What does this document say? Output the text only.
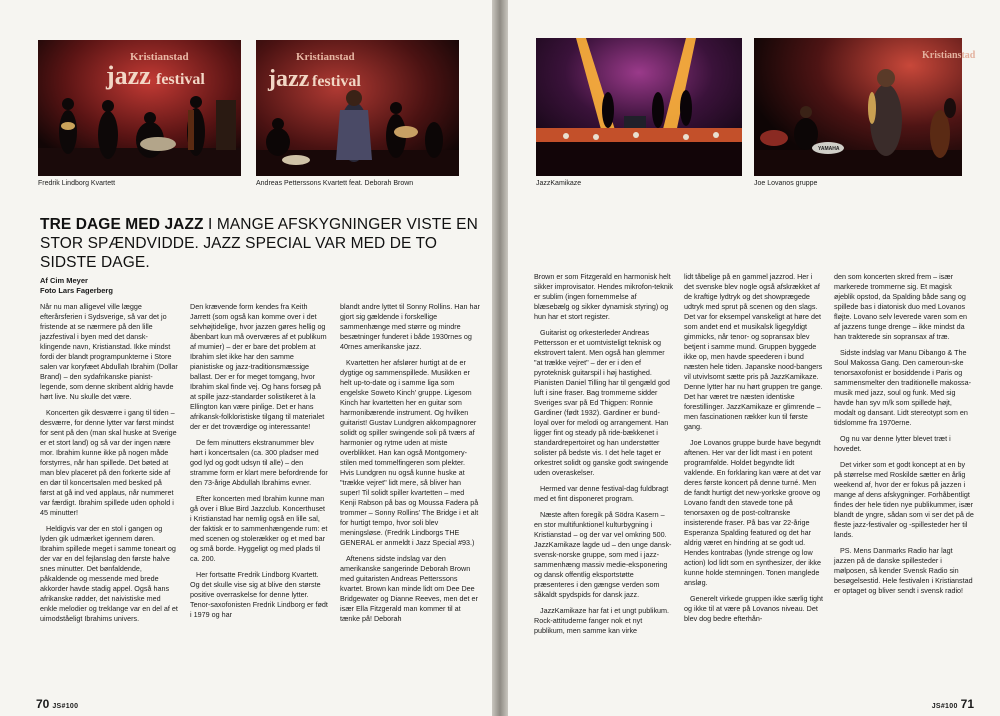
Kristianstad
jazz festival
Fredrik Lindborg Kvartett
Kristianstad
jazz festival
Andreas Petterssons Kvartett feat. Deborah Brown
TRE DAGE MED JAZZ I MANGE AFSKYGNINGER VISTE EN STOR SPÆNDVIDDE. JAZZ SPECIAL VAR MED DE TO SIDSTE DAGE.
Af Cim Meyer
Foto Lars Fagerberg

Når nu man alligevel ville lægge efterårsferien i Sydsverige, så var det jo fristende at se nærmere på den lille jazzfestival i byen med det dansk-klingende navn, Kristianstad. Ikke mindst fordi der blandt programpunkterne i Store salen var koryfæet Abdullah Ibrahim (Dollar Brand) – den sydafrikanske pianist-legende, som denne skribent aldrig havde hørt live. Nu skulle det være.

Koncerten gik desværre i gang til tiden – desværre, for denne lytter var først mindst for sent på den (man skal huske at Sverige er et stort land) og så var der ingen nære mor. Ibrahim kunne ikke på nogen måde forstyrres, når han spillede. Det bøted at man blev placeret på den forkerte side af en dør til koncertsalen med besked på først at gå ind ved applaus, når nummeret var færdigt. Ibrahim spillede uden ophold i 45 minutter!

Heldigvis var der en stol i gangen og lyden gik udmærket igennem døren. Ibrahim spillede meget i samme toneart og der var en del fejlanslag den første halve snes minutter. Det bønfaldende, påkaldende og messende med brede akkorder havde stadig appel. Også hans afrikanske rødder, det naivistiske med enkle melodier og treklange var en del af et uimodståeligt Ibrahims univers.

Den krævende form kendes fra Keith Jarrett (som også kan komme over i det selvhøjtidelige, hvor jazzen gøres hellig og åbenbart kun må overværes af et publikum af mumier) – der er bare det problem at Ibrahim slet ikke har den samme pianistiske og jazz-traditionsmæssige ballast. Der er for meget tomgang, hvor Ibrahim skal finde vej. Og hans forsøg på at spille jazz-standarder solistikeret à la Ellington kan være pinlige. Det er hans afrikansk-folkloristiske tilgang til materialet der er det troværdige og interessante!

De fem minutters ekstranummer blev hørt i koncertsalen (ca. 300 pladser med god lyd og godt udsyn til alle) – den stramme form er klart mere befordrende for den 73-årige Abdullah Ibrahims evner.

Efter koncerten med Ibrahim kunne man gå over i Blue Bird Jazzclub. Koncerthuset i Kristianstad har nemlig også en lille sal, der faktisk er to sammenhængende rum: et med scenen og stolerækker og et med bar og små borde. Hyggeligt og med plads til ca. 200.

Her fortsatte Fredrik Lindborg Kvartett. Og det skulle vise sig at blive den største positive overraskelse for denne lytter. Tenor-saxofonisten Fredrik Lindborg er født i 1979 og har

blandt andre lyttet til Sonny Rollins. Han har gjort sig gældende i forskellige sammenhænge med større og mindre besætninger funderet i både 1930rnes og 40rnes amerikanske jazz.

Kvartetten her afslører hurtigt at de er dygtige og sammenspillede. Musikken er helt up-to-date og i samme liga som engelske Soweto Kinch' gruppe. Ligesom Kinch har kvartetten her en guitar som harmonibærende instrument. Og hvilken guitarist! Gustav Lundgren akkompagnorer solidt og spiller swingende soli på tværs af harmonier og rytme uden at miste overblikket. Han kan også Montgomery-stilen med tommelfingeren som plekter. Hvis Lundgren nu også kunne huske at "trække vejret" lidt mere, så bliver han super! Til solidt spiller kvartetten – med Kenji Rabson på bas og Moussa Fadera på trommer – Sonny Rollins' The Bridge i et alt for hurtigt tempo, hvor soli blev meningsløse. (Fredrik Lindborgs THE GENERAL er anmeldt i Jazz Special #93.)

Aftenens sidste indslag var den amerikanske sangerinde Deborah Brown med guitaristen Andreas Petterssons kvartet. Brown kan minde lidt om Dee Dee Bridgewater og Dianne Reeves, men det er især Ella Fitzgerald man kommer til at tænke på! Deborah

70 JS#100
JazzKamikaze
Kristianstad
YAMAHA
Joe Lovanos gruppe

Brown er som Fitzgerald en harmonisk helt sikker improvisator. Hendes mikrofon-teknik er sublim (ingen fornemmelse af blæsebælg og sikker dynamisk styring) og hun har et stort register.

Guitarist og orkesterleder Andreas Pettersson er et uomtvisteligt teknisk og ekstrovert talent. Men også han glemmer "at trække vejret" – der er i den ef pyroteknisk guitarspil i høj hastighed. Pianisten Daniel Tilling har til gengæld god luft i sine fraser. Bag trommerne sidder Sveriges svar på Ed Thigpen: Ronnie Gardiner (født 1932). Gardiner er bund-loyal over for melodi og arrangement. Han ligger fint og steady på ride-bækkenet i standardrepertoiret og han understøtter solister på bedste vis. I det hele taget er orkestret solidt og ganske godt swingende uden overaskelser.

Hermed var denne festival-dag fuldbragt med et fint disponeret program.

Næste aften foregik på Södra Kasern – en stor multifunktionel kulturbygning i Kristianstad – og der var vel omkring 500. JazzKamikaze lagde ud – den unge dansk-svensk-norske gruppe, som med i jazz-sammenhæng massiv medie-eksponering og dansk offentlig eksportstøtte præsenteres i den gængse verden som såkaldt spydspids for dansk jazz.

JazzKamikaze har fat i et ungt publikum. Rock-attituderne fanger nok et nyt publikum, men samme kan virke

lidt tåbelige på en gammel jazzrod. Her i det svenske blev nogle også afskrækket af de kraftige lydtryk og det showprægede udtryk med sprut på scenen og den slags. Det var for eksempel vanskeligt at høre det som andet end et musikalsk ligegyldigt gimmicks, når tenor- og sopransax blev betjent i samme mund. Gruppen byggede ikke op, men havde speederen i bund næsten hele tiden. Japanske nood-bangers vil utvivlsomt sætte pris på JazzKamikaze. Denne lytter har nu hørt gruppen tre gange. Det har været tre næsten identiske forestillinger. JazzKamikaze er glimrende – men fascinationen rækker kun til første gang.

Joe Lovanos gruppe burde have begyndt aftenen. Her var der lidt mast i en potent programfølde. Holdet begyndte lidt vaklende. En forklaring kan være at det var deres første koncert på denne turné. Men de fandt hurtigt det new-yorkske groove og Lovano fandt den stavede tone på tenorsaxen og de post-coltranske insisterende fraser. På bas var 22-årige Esperanza Spalding featured og det har aldrig været en hindring at se godt ud. Hendes kontrabas (lynde strenge og low action) lod lidt som en synthesizer, der ikke kunne holde stemningen. Tonen manglede ansløg.

Generelt virkede gruppen ikke særlig tight og ikke til at være på Lovanos niveau. Det blev dog bedre efterhån-

den som koncerten skred frem – især markerede trommerne sig. Et magisk øjeblik opstod, da Spalding både sang og spillede bas i diatonisk duo med Lovanos fløjte. Lovano selv leverede varen som en af jazzens tunge drenge – ikke mindst da han trakterede sin sopransax af træ.

Sidste indslag var Manu Dibango & The Soul Makossa Gang. Den cameroun-ske tenorsaxofonist er bosiddende i Paris og sammensmelter den traditionelle makossa-musik med jazz, soul og funk. Med sig havde han syv m/k som spillede højt, modalt og dansant. Lidt stereotypt som en tidslomme fra 1970erne.

Og nu var denne lytter blevet træt i hovedet.

Det virker som et godt koncept at en by på størrelse med Roskilde sætter en årlig weekend af, hvor der er fokus på jazzen i mange af dens afskygninger. Forhåbentligt findes der hele tiden nye publikummer, især blandt de yngre, sådan som vi ser det på de fleste jazz-festivaler og -spillesteder her til lands.

PS. Mens Danmarks Radio har lagt jazzen på de danske spillesteder i mølposen, så kender Svensk Radio sin besøgelsestid. Hele festivalen i Kristianstad er optaget og bliver sendt i svensk radio!

JS#100 71
